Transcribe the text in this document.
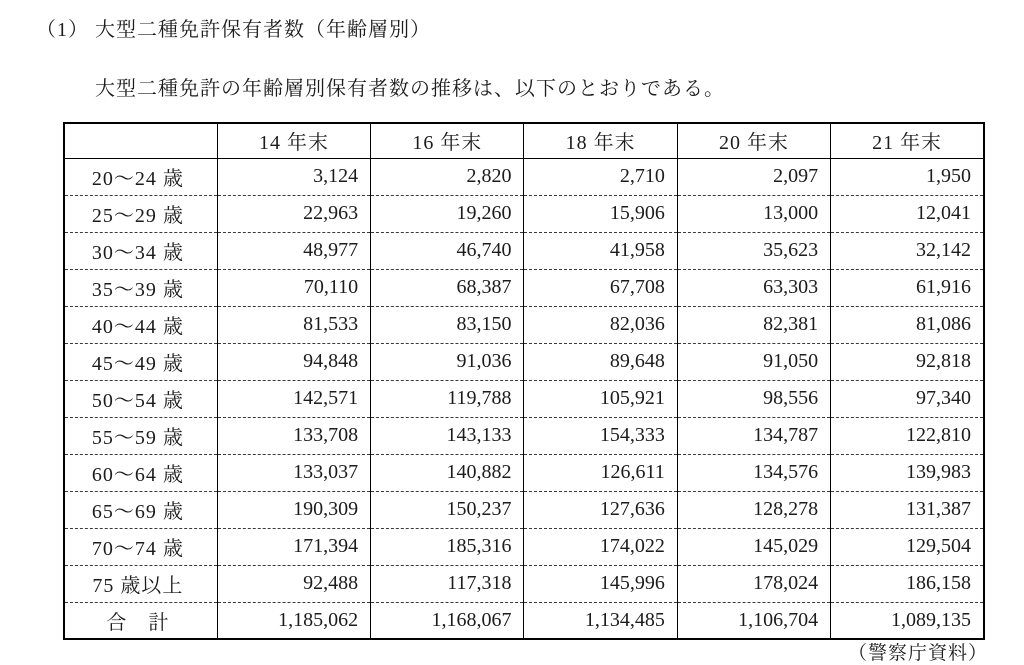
（1） 大型二種免許保有者数（年齢層別）
大型二種免許の年齢層別保有者数の推移は、以下のとおりである。
	14 年末	16 年末	18 年末	20 年末	21 年末
20〜24 歳	3,124	2,820	2,710	2,097	1,950
25〜29 歳	22,963	19,260	15,906	13,000	12,041
30〜34 歳	48,977	46,740	41,958	35,623	32,142
35〜39 歳	70,110	68,387	67,708	63,303	61,916
40〜44 歳	81,533	83,150	82,036	82,381	81,086
45〜49 歳	94,848	91,036	89,648	91,050	92,818
50〜54 歳	142,571	119,788	105,921	98,556	97,340
55〜59 歳	133,708	143,133	154,333	134,787	122,810
60〜64 歳	133,037	140,882	126,611	134,576	139,983
65〜69 歳	190,309	150,237	127,636	128,278	131,387
70〜74 歳	171,394	185,316	174,022	145,029	129,504
75 歳以上	92,488	117,318	145,996	178,024	186,158
合　計	1,185,062	1,168,067	1,134,485	1,106,704	1,089,135
（警察庁資料）
